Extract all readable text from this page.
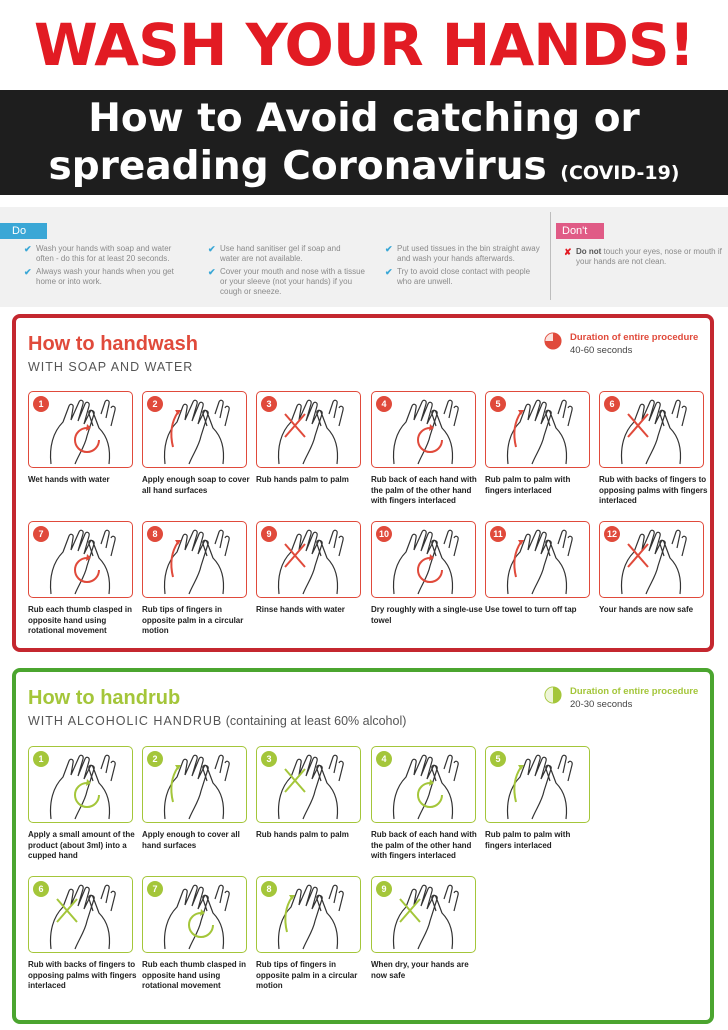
WASH YOUR HANDS!
How to Avoid catching or
spreading Coronavirus (COVID-19)
Do
✔ Wash your hands with soap and water often - do this for at least 20 seconds.
✔ Always wash your hands when you get home or into work.
✔ Use hand sanitiser gel if soap and water are not available.
✔ Cover your mouth and nose with a tissue or your sleeve (not your hands) if you cough or sneeze.
✔ Put used tissues in the bin straight away and wash your hands afterwards.
✔ Try to avoid close contact with people who are unwell.
Don't
✘ Do not touch your eyes, nose or mouth if your hands are not clean.
How to handwash
WITH SOAP AND WATER
Duration of entire procedure
40-60 seconds
1
Wet hands with water
2
Apply enough soap to cover all hand surfaces
3
Rub hands palm to palm
4
Rub back of each hand with the palm of the other hand with fingers interlaced
5
Rub palm to palm with fingers interlaced
6
Rub with backs of fingers to opposing palms with fingers interlaced
7
Rub each thumb clasped in opposite hand using rotational movement
8
Rub tips of fingers in opposite palm in a circular motion
9
Rinse hands with water
10
Dry roughly with a single-use towel
11
Use towel to turn off tap
12
Your hands are now safe
How to handrub
WITH ALCOHOLIC HANDRUB (containing at least 60% alcohol)
Duration of entire procedure
20-30 seconds
1
Apply a small amount of the product (about 3ml) into a cupped hand
2
Apply enough to cover all hand surfaces
3
Rub hands palm to palm
4
Rub back of each hand with the palm of the other hand with fingers interlaced
5
Rub palm to palm with fingers interlaced
6
Rub with backs of fingers to opposing palms with fingers interlaced
7
Rub each thumb clasped in opposite hand using rotational movement
8
Rub tips of fingers in opposite palm in a circular motion
9
When dry, your hands are now safe
